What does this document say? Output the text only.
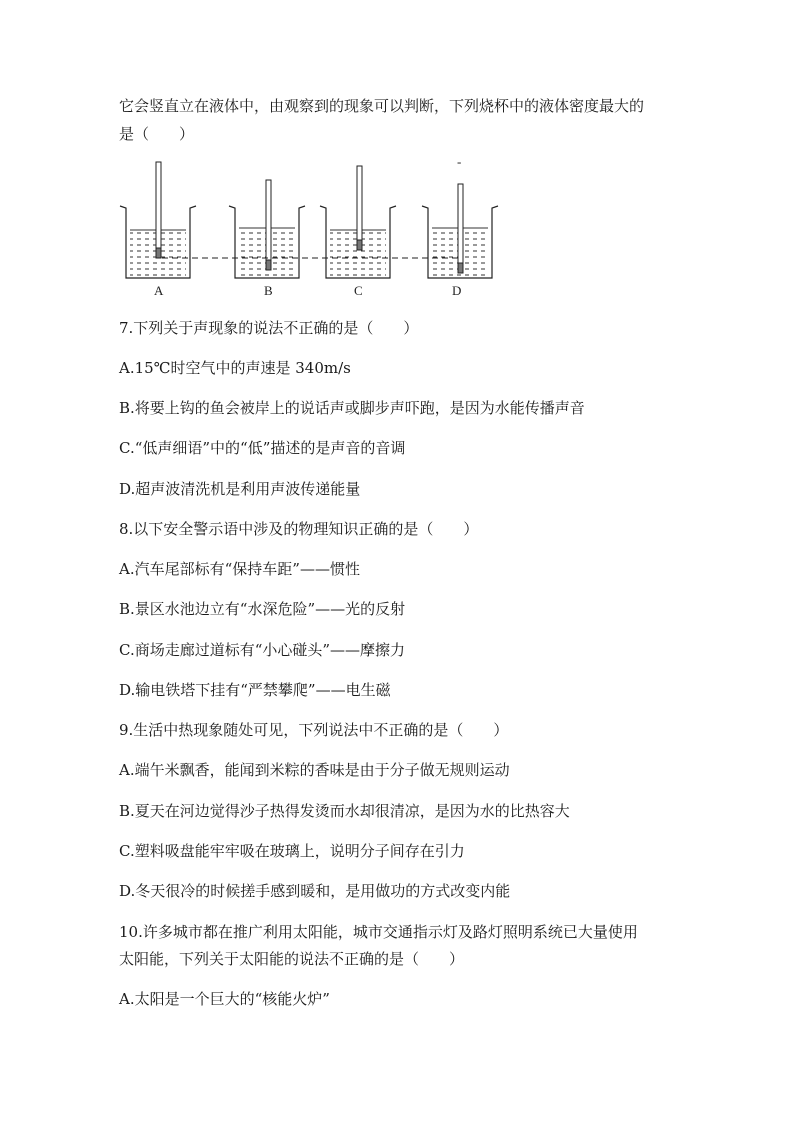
它会竖直立在液体中，由观察到的现象可以判断，下列烧杯中的液体密度最大的
是（　　）
A	B	C	D
-
7.下列关于声现象的说法不正确的是（　　）
A.15℃时空气中的声速是 340m/s
B.将要上钩的鱼会被岸上的说话声或脚步声吓跑，是因为水能传播声音
C.“低声细语”中的“低”描述的是声音的音调
D.超声波清洗机是利用声波传递能量
8.以下安全警示语中涉及的物理知识正确的是（　　）
A.汽车尾部标有“保持车距”——惯性
B.景区水池边立有“水深危险”——光的反射
C.商场走廊过道标有“小心碰头”——摩擦力
D.输电铁塔下挂有“严禁攀爬”——电生磁
9.生活中热现象随处可见，下列说法中不正确的是（　　）
A.端午米飘香，能闻到米粽的香味是由于分子做无规则运动
B.夏天在河边觉得沙子热得发烫而水却很清凉，是因为水的比热容大
C.塑料吸盘能牢牢吸在玻璃上，说明分子间存在引力
D.冬天很冷的时候搓手感到暖和，是用做功的方式改变内能
10.许多城市都在推广利用太阳能，城市交通指示灯及路灯照明系统已大量使用
太阳能，下列关于太阳能的说法不正确的是（　　）
A.太阳是一个巨大的“核能火炉”
